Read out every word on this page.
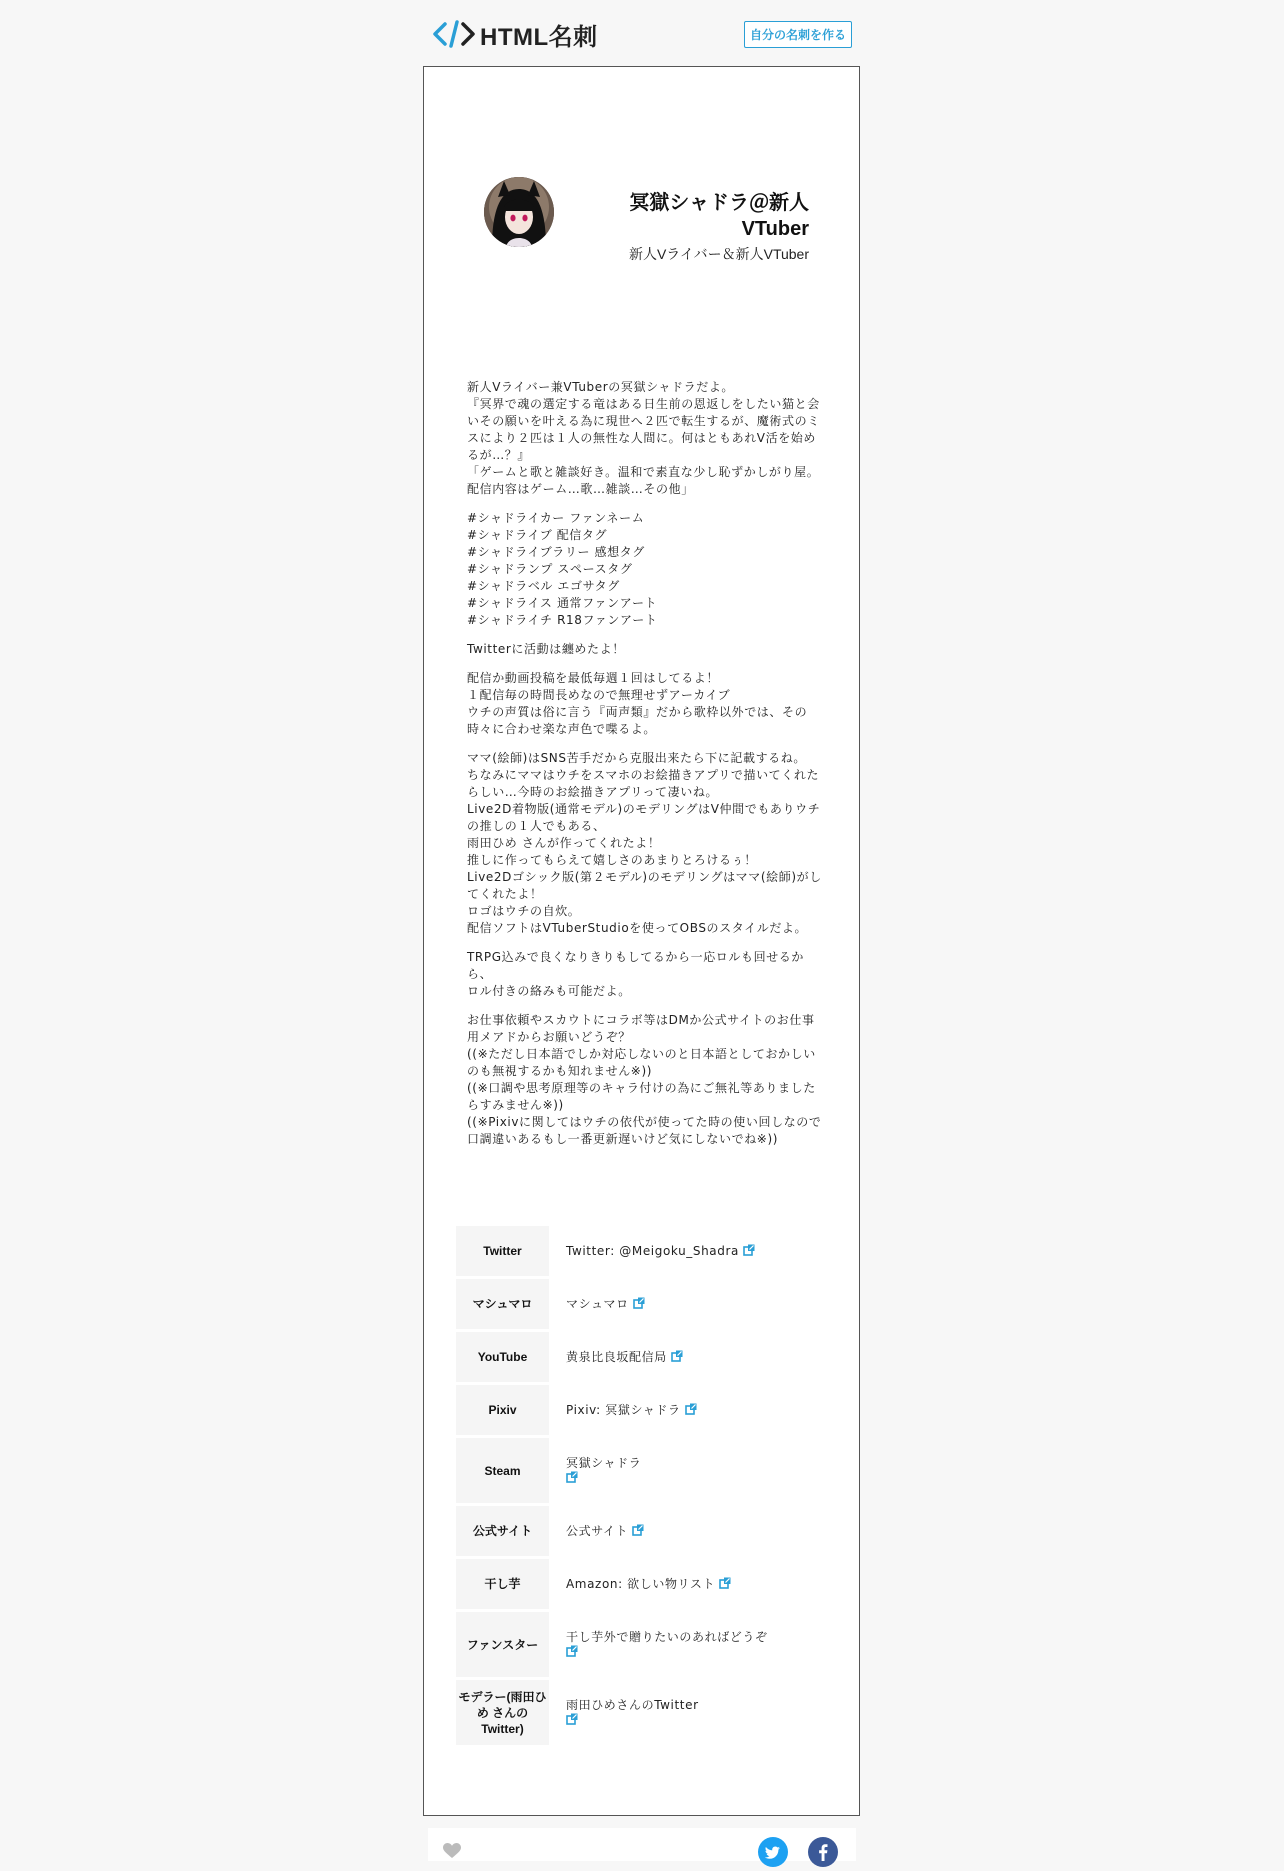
HTML名刺	自分の名刺を作る
冥獄シャドラ＠新人VTuber
新人Vライバー＆新人VTuber

新人Vライバー兼VTuberの冥獄シャドラだよ。
『冥界で魂の選定する竜はある日生前の恩返しをしたい猫と会いその願いを叶える為に現世へ２匹で転生するが、魔術式のミスにより２匹は１人の無性な人間に。何はともあれV活を始めるが…？』
「ゲームと歌と雑談好き。温和で素直な少し恥ずかしがり屋。配信内容はゲーム…歌…雑談…その他」

#シャドライカー ファンネーム
#シャドライブ 配信タグ
#シャドライブラリー 感想タグ
#シャドランプ スペースタグ
#シャドラベル エゴサタグ
#シャドライス 通常ファンアート
#シャドライチ R18ファンアート

Twitterに活動は纏めたよ！

配信か動画投稿を最低毎週１回はしてるよ！
１配信毎の時間長めなので無理せずアーカイブ
ウチの声質は俗に言う『両声類』だから歌枠以外では、その時々に合わせ楽な声色で喋るよ。

ママ(絵師)はSNS苦手だから克服出来たら下に記載するね。
ちなみにママはウチをスマホのお絵描きアプリで描いてくれたらしい…今時のお絵描きアプリって凄いね。
Live2D着物版(通常モデル)のモデリングはV仲間でもありウチの推しの１人でもある、
雨田ひめ さんが作ってくれたよ！
推しに作ってもらえて嬉しさのあまりとろけるぅ！
Live2Dゴシック版(第２モデル)のモデリングはママ(絵師)がしてくれたよ！
ロゴはウチの自炊。
配信ソフトはVTuberStudioを使ってOBSのスタイルだよ。

TRPG込みで良くなりきりもしてるから一応ロルも回せるから、
ロル付きの絡みも可能だよ。

お仕事依頼やスカウトにコラボ等はDMか公式サイトのお仕事用メアドからお願いどうぞ？
((※ただし日本語でしか対応しないのと日本語としておかしいのも無視するかも知れません※))
((※口調や思考原理等のキャラ付けの為にご無礼等ありましたらすみません※))
((※Pixivに関してはウチの依代が使ってた時の使い回しなので口調違いあるもし一番更新遅いけど気にしないでね※))

Twitter	Twitter: @Meigoku_Shadra
マシュマロ	マシュマロ
YouTube	黄泉比良坂配信局
Pixiv	Pixiv: 冥獄シャドラ
Steam	冥獄シャドラ

公式サイト	公式サイト
干し芋	Amazon: 欲しい物リスト
ファンスター	干し芋外で贈りたいのあればどうぞ

モデラー(雨田ひめ さんのTwitter)	雨田ひめさんのTwitter
